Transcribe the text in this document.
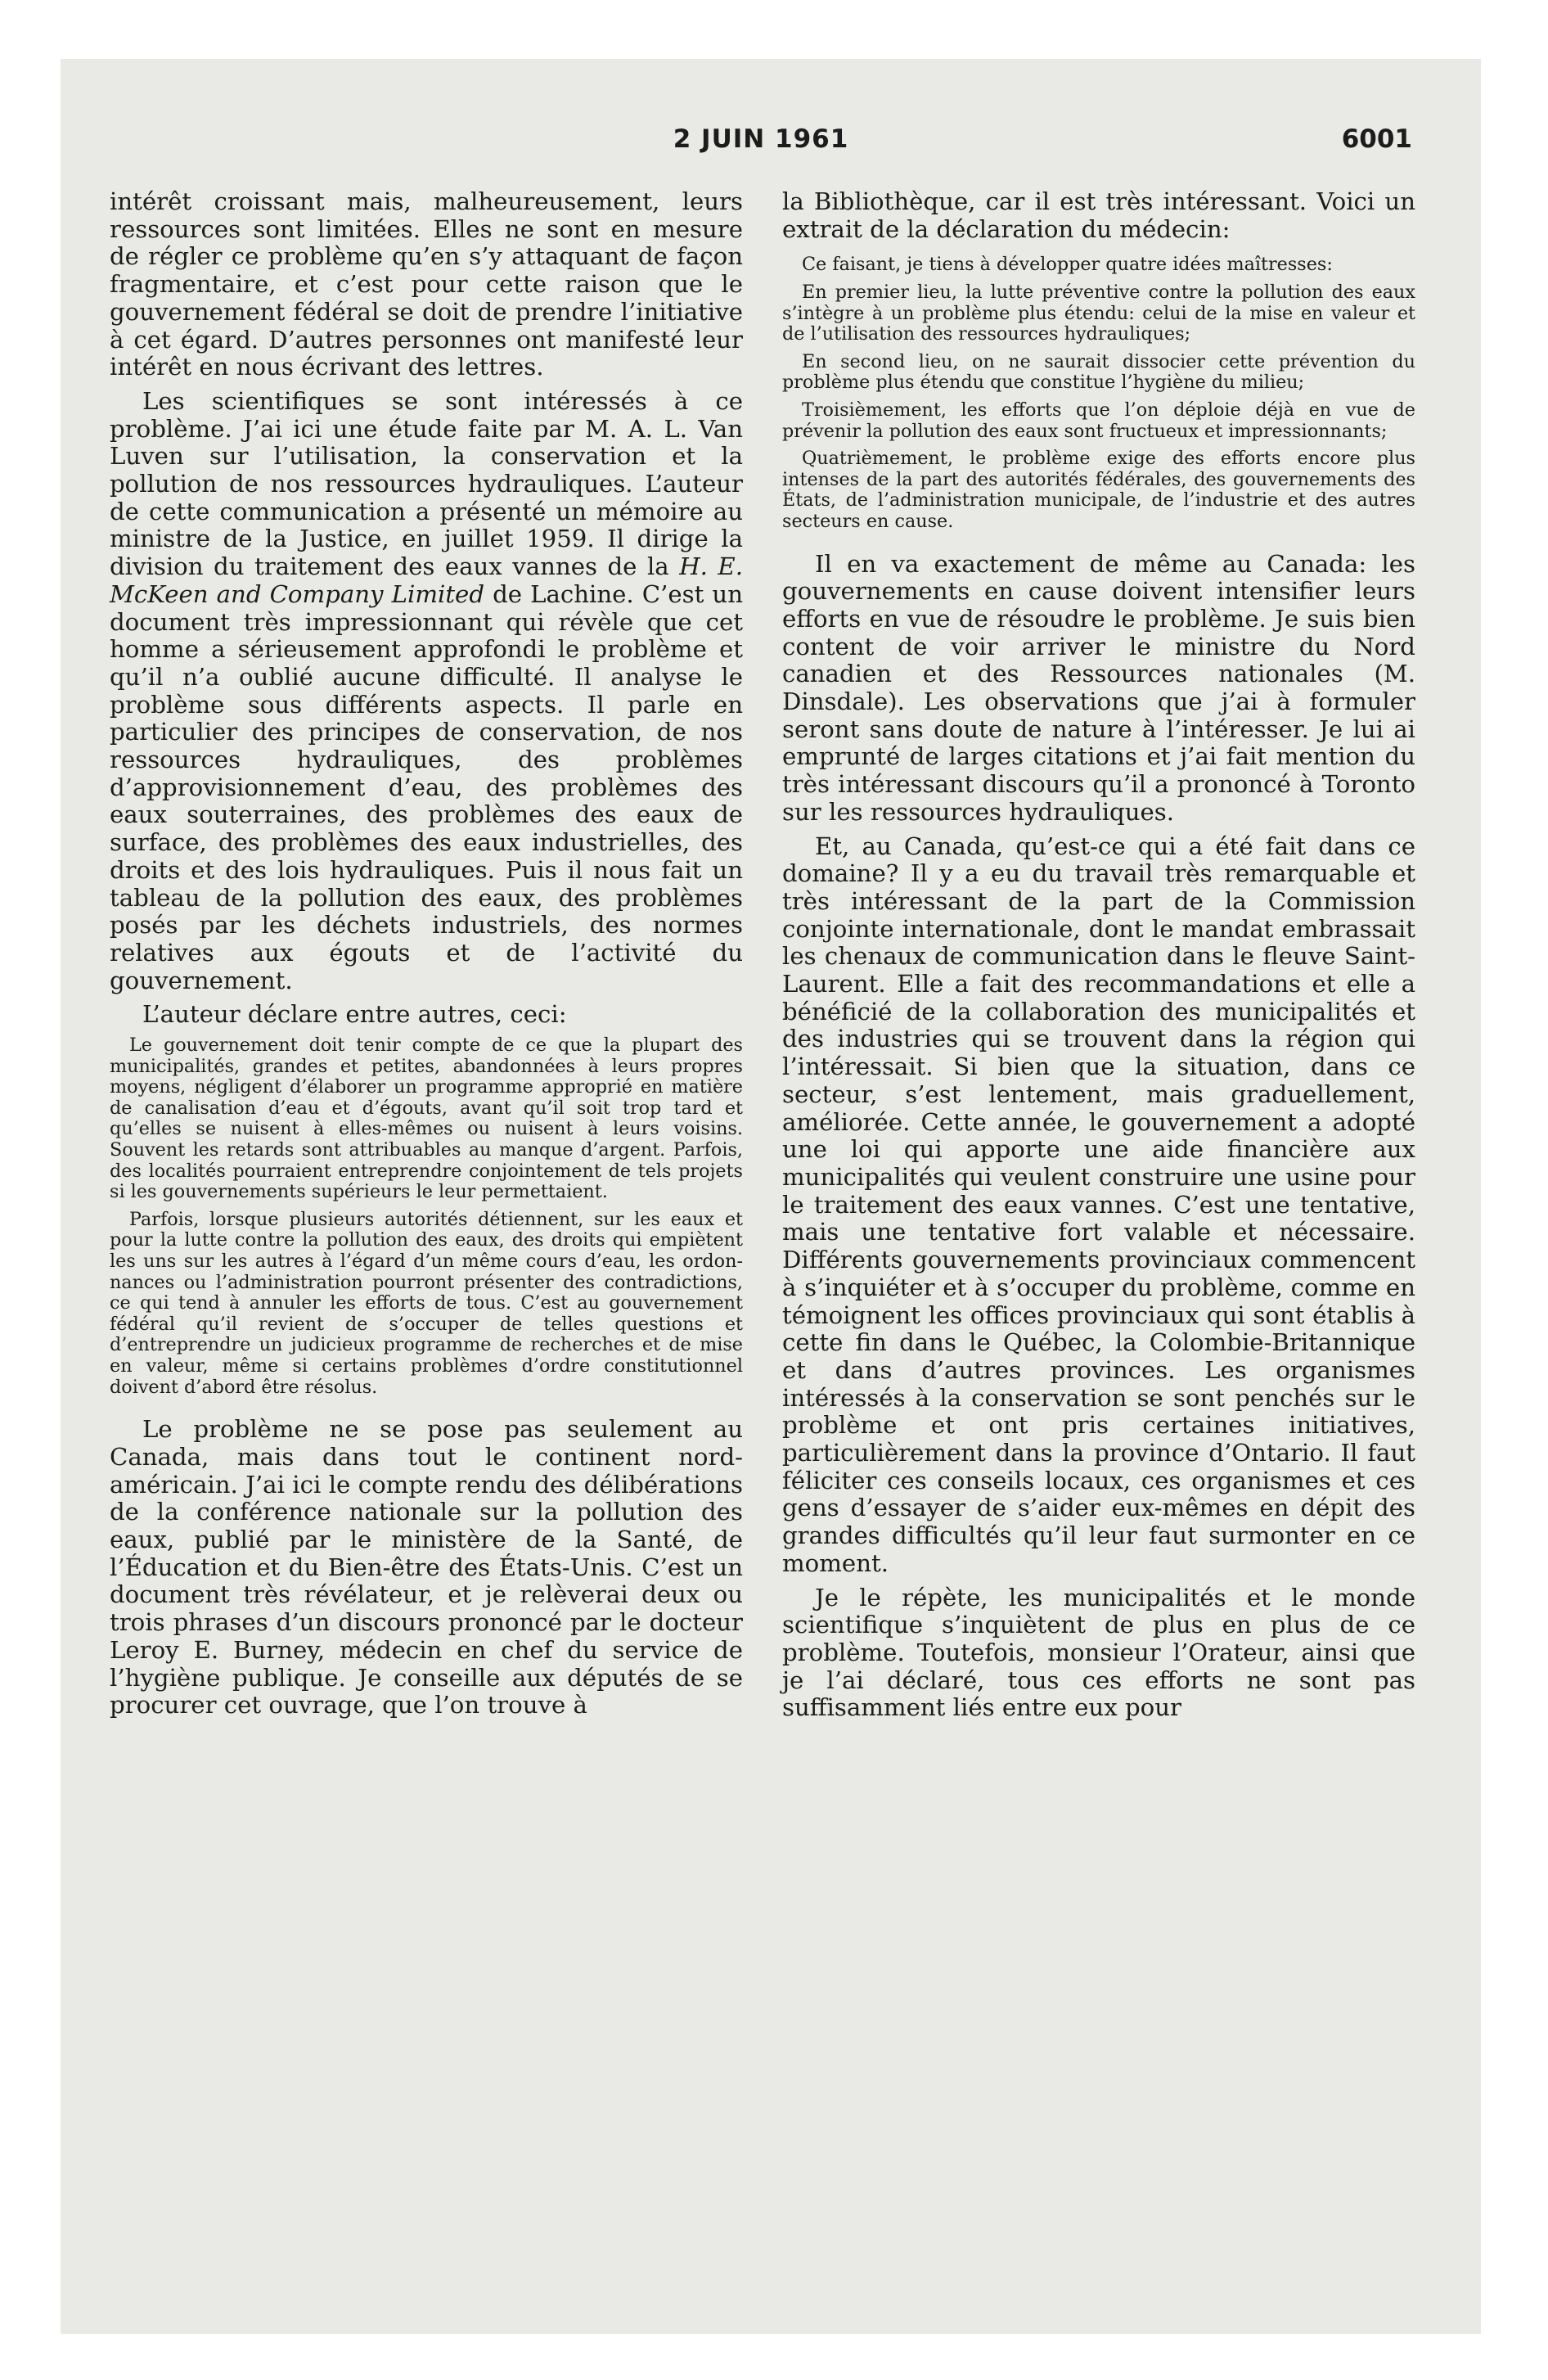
2 JUIN 1961	6001

intérêt croissant mais, malheureusement, leurs ressources sont limitées. Elles ne sont en mesure de régler ce problème qu’en s’y attaquant de façon fragmentaire, et c’est pour cette raison que le gouvernement fédéral se doit de prendre l’initiative à cet égard. D’autres personnes ont manifesté leur intérêt en nous écrivant des lettres.

Les scientifiques se sont intéressés à ce problème. J’ai ici une étude faite par M. A. L. Van Luven sur l’utilisation, la conservation et la pollution de nos ressources hydrauliques. L’auteur de cette communication a présenté un mémoire au ministre de la Justice, en juillet 1959. Il dirige la division du traitement des eaux vannes de la H. E. McKeen and Company Limited de Lachine. C’est un document très impressionnant qui révèle que cet homme a sérieusement approfondi le problème et qu’il n’a oublié aucune difficulté. Il analyse le problème sous différents aspects. Il parle en particulier des principes de conservation, de nos ressources hydrauliques, des problèmes d’approvisionnement d’eau, des problèmes des eaux souterraines, des problèmes des eaux de surface, des problèmes des eaux industrielles, des droits et des lois hydrauliques. Puis il nous fait un tableau de la pollution des eaux, des problèmes posés par les déchets industriels, des normes relatives aux égouts et de l’activité du gouvernement.

L’auteur déclare entre autres, ceci:

Le gouvernement doit tenir compte de ce que la plupart des municipalités, grandes et petites, abandonnées à leurs propres moyens, négligent d’élaborer un programme approprié en matière de canalisation d’eau et d’égouts, avant qu’il soit trop tard et qu’elles se nuisent à elles-mêmes ou nuisent à leurs voisins. Souvent les retards sont attribuables au manque d’argent. Parfois, des localités pourraient entreprendre conjointement de tels projets si les gouvernements supérieurs le leur permettaient.

Parfois, lorsque plusieurs autorités détiennent, sur les eaux et pour la lutte contre la pollution des eaux, des droits qui empiètent les uns sur les autres à l’égard d’un même cours d’eau, les ordonnances ou l’administration pourront présenter des contradictions, ce qui tend à annuler les efforts de tous. C’est au gouvernement fédéral qu’il revient de s’occuper de telles questions et d’entreprendre un judicieux programme de recherches et de mise en valeur, même si certains problèmes d’ordre constitutionnel doivent d’abord être résolus.

Le problème ne se pose pas seulement au Canada, mais dans tout le continent nord-américain. J’ai ici le compte rendu des délibérations de la conférence nationale sur la pollution des eaux, publié par le ministère de la Santé, de l’Éducation et du Bien-être des États-Unis. C’est un document très révélateur, et je relèverai deux ou trois phrases d’un discours prononcé par le docteur Leroy E. Burney, médecin en chef du service de l’hygiène publique. Je conseille aux députés de se procurer cet ouvrage, que l’on trouve à

la Bibliothèque, car il est très intéressant. Voici un extrait de la déclaration du médecin:

Ce faisant, je tiens à développer quatre idées maîtresses:

En premier lieu, la lutte préventive contre la pollution des eaux s’intègre à un problème plus étendu: celui de la mise en valeur et de l’utilisation des ressources hydrauliques;

En second lieu, on ne saurait dissocier cette prévention du problème plus étendu que constitue l’hygiène du milieu;

Troisièmement, les efforts que l’on déploie déjà en vue de prévenir la pollution des eaux sont fructueux et impressionnants;

Quatrièmement, le problème exige des efforts encore plus intenses de la part des autorités fédérales, des gouvernements des États, de l’administration municipale, de l’industrie et des autres secteurs en cause.

Il en va exactement de même au Canada: les gouvernements en cause doivent intensifier leurs efforts en vue de résoudre le problème. Je suis bien content de voir arriver le ministre du Nord canadien et des Ressources nationales (M. Dinsdale). Les observations que j’ai à formuler seront sans doute de nature à l’intéresser. Je lui ai emprunté de larges citations et j’ai fait mention du très intéressant discours qu’il a prononcé à Toronto sur les ressources hydrauliques.

Et, au Canada, qu’est-ce qui a été fait dans ce domaine? Il y a eu du travail très remarquable et très intéressant de la part de la Commission conjointe internationale, dont le mandat embrassait les chenaux de communication dans le fleuve Saint-Laurent. Elle a fait des recommandations et elle a bénéficié de la collaboration des municipalités et des industries qui se trouvent dans la région qui l’intéressait. Si bien que la situation, dans ce secteur, s’est lentement, mais graduellement, améliorée. Cette année, le gouvernement a adopté une loi qui apporte une aide financière aux municipalités qui veulent construire une usine pour le traitement des eaux vannes. C’est une tentative, mais une tentative fort valable et nécessaire. Différents gouvernements provinciaux commencent à s’inquiéter et à s’occuper du problème, comme en témoignent les offices provinciaux qui sont établis à cette fin dans le Québec, la Colombie-Britannique et dans d’autres provinces. Les organismes intéressés à la conservation se sont penchés sur le problème et ont pris certaines initiatives, particulièrement dans la province d’Ontario. Il faut féliciter ces conseils locaux, ces organismes et ces gens d’essayer de s’aider eux-mêmes en dépit des grandes difficultés qu’il leur faut surmonter en ce moment.

Je le répète, les municipalités et le monde scientifique s’inquiètent de plus en plus de ce problème. Toutefois, monsieur l’Orateur, ainsi que je l’ai déclaré, tous ces efforts ne sont pas suffisamment liés entre eux pour
